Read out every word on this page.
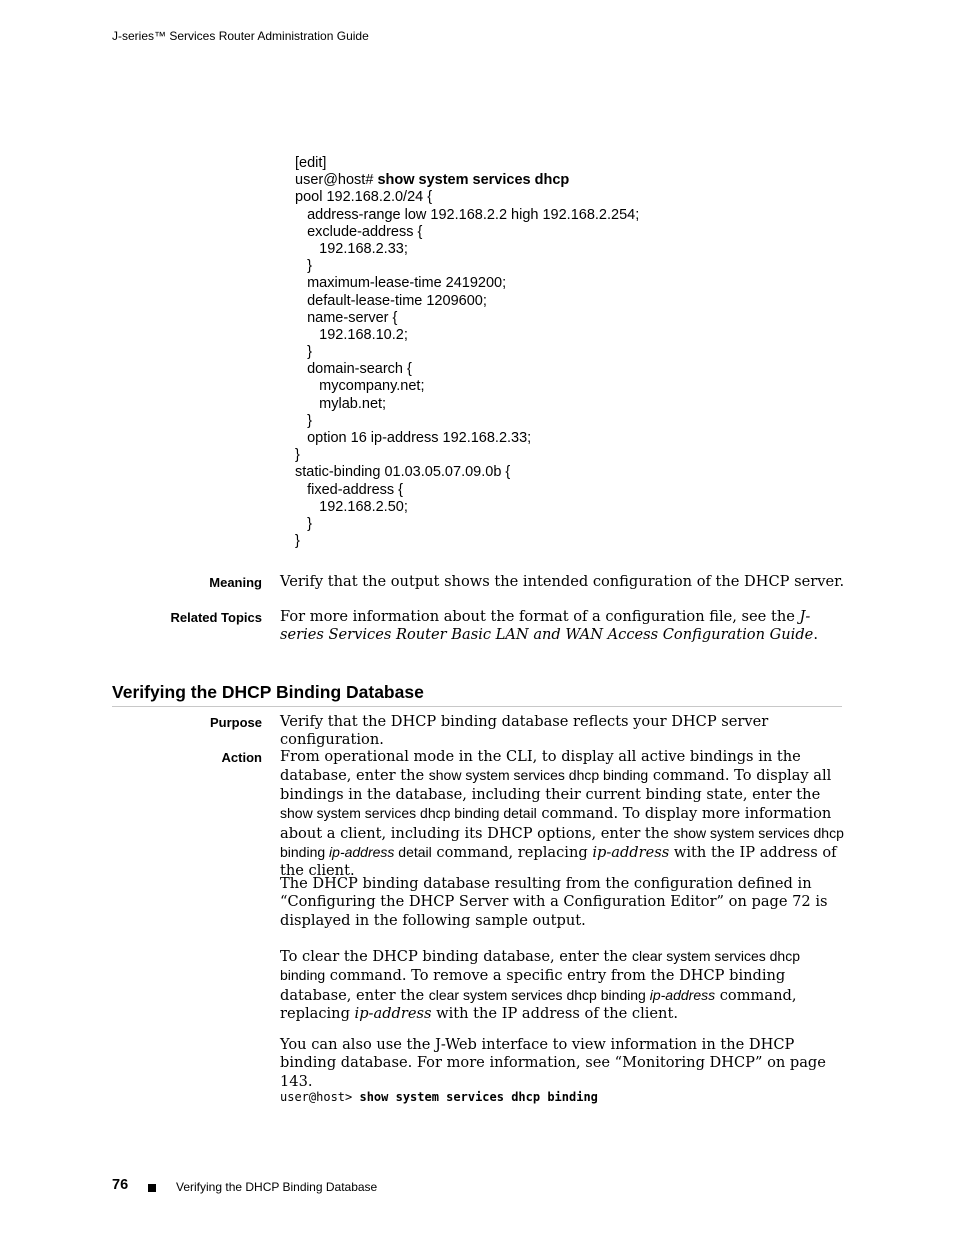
J-series™ Services Router Administration Guide
[edit]
user@host# show system services dhcp
pool 192.168.2.0/24 {
address-range low 192.168.2.2 high 192.168.2.254;
exclude-address {
192.168.2.33;
}
maximum-lease-time 2419200;
default-lease-time 1209600;
name-server {
192.168.10.2;
}
domain-search {
mycompany.net;
mylab.net;
}
option 16 ip-address 192.168.2.33;
}
static-binding 01.03.05.07.09.0b {
fixed-address {
192.168.2.50;
}
}
Meaning Verify that the output shows the intended configuration of the DHCP server.
Related Topics For more information about the format of a configuration file, see the J-series Services Router Basic LAN and WAN Access Configuration Guide.
Verifying the DHCP Binding Database
Purpose Verify that the DHCP binding database reflects your DHCP server configuration.
Action From operational mode in the CLI, to display all active bindings in the database, enter the show system services dhcp binding command. To display all bindings in the database, including their current binding state, enter the show system services dhcp binding detail command. To display more information about a client, including its DHCP options, enter the show system services dhcp binding ip-address detail command, replacing ip-address with the IP address of the client.
The DHCP binding database resulting from the configuration defined in “Configuring the DHCP Server with a Configuration Editor” on page 72 is displayed in the following sample output.
To clear the DHCP binding database, enter the clear system services dhcp binding command. To remove a specific entry from the DHCP binding database, enter the clear system services dhcp binding ip-address command, replacing ip-address with the IP address of the client.
You can also use the J-Web interface to view information in the DHCP binding database. For more information, see “Monitoring DHCP” on page 143.
user@host> show system services dhcp binding
76	Verifying the DHCP Binding Database
